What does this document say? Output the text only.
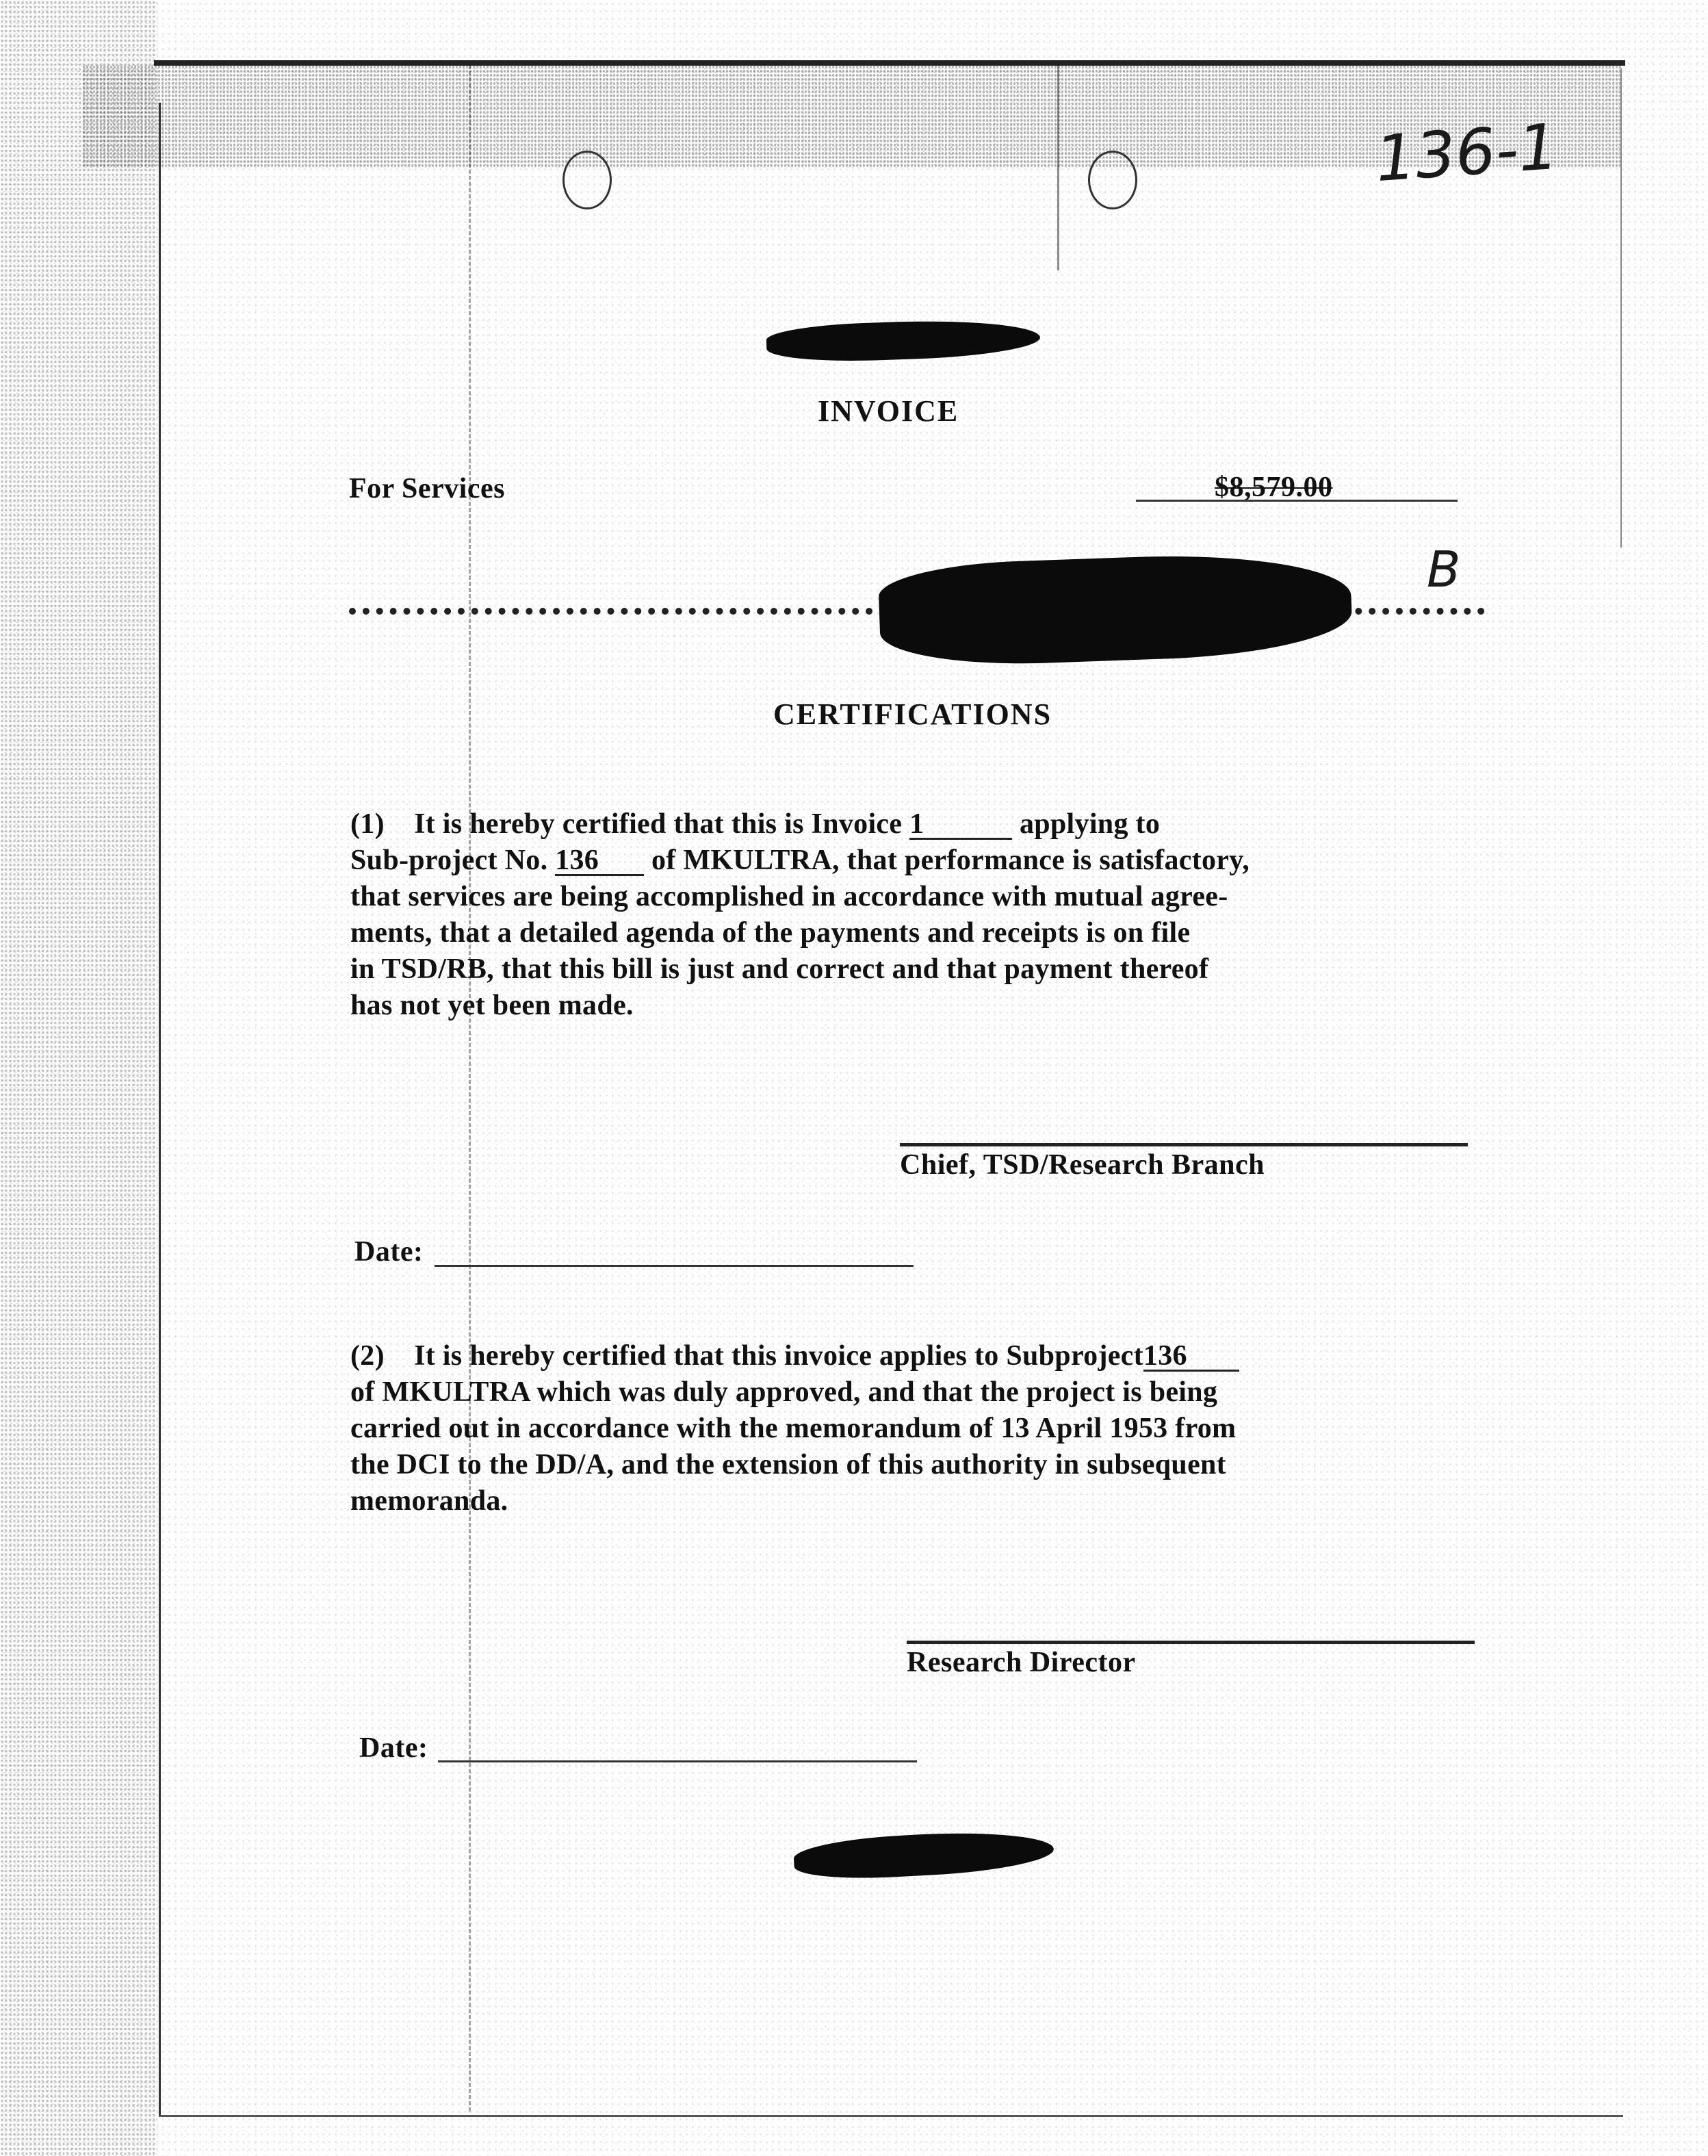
136-1
INVOICE
For Services	$8,579.00
B
CERTIFICATIONS
(1) It is hereby certified that this is Invoice 1	applying to
Sub-project No. 136 of MKULTRA, that performance is satisfactory,
that services are being accomplished in accordance with mutual agree-
ments, that a detailed agenda of the payments and receipts is on file
in TSD/RB, that this bill is just and correct and that payment thereof
has not yet been made.
Chief, TSD/Research Branch
Date:
(2) It is hereby certified that this invoice applies to Subproject136
of MKULTRA which was duly approved, and that the project is being
carried out in accordance with the memorandum of 13 April 1953 from
the DCI to the DD/A, and the extension of this authority in subsequent
memoranda.
Research Director
Date:
